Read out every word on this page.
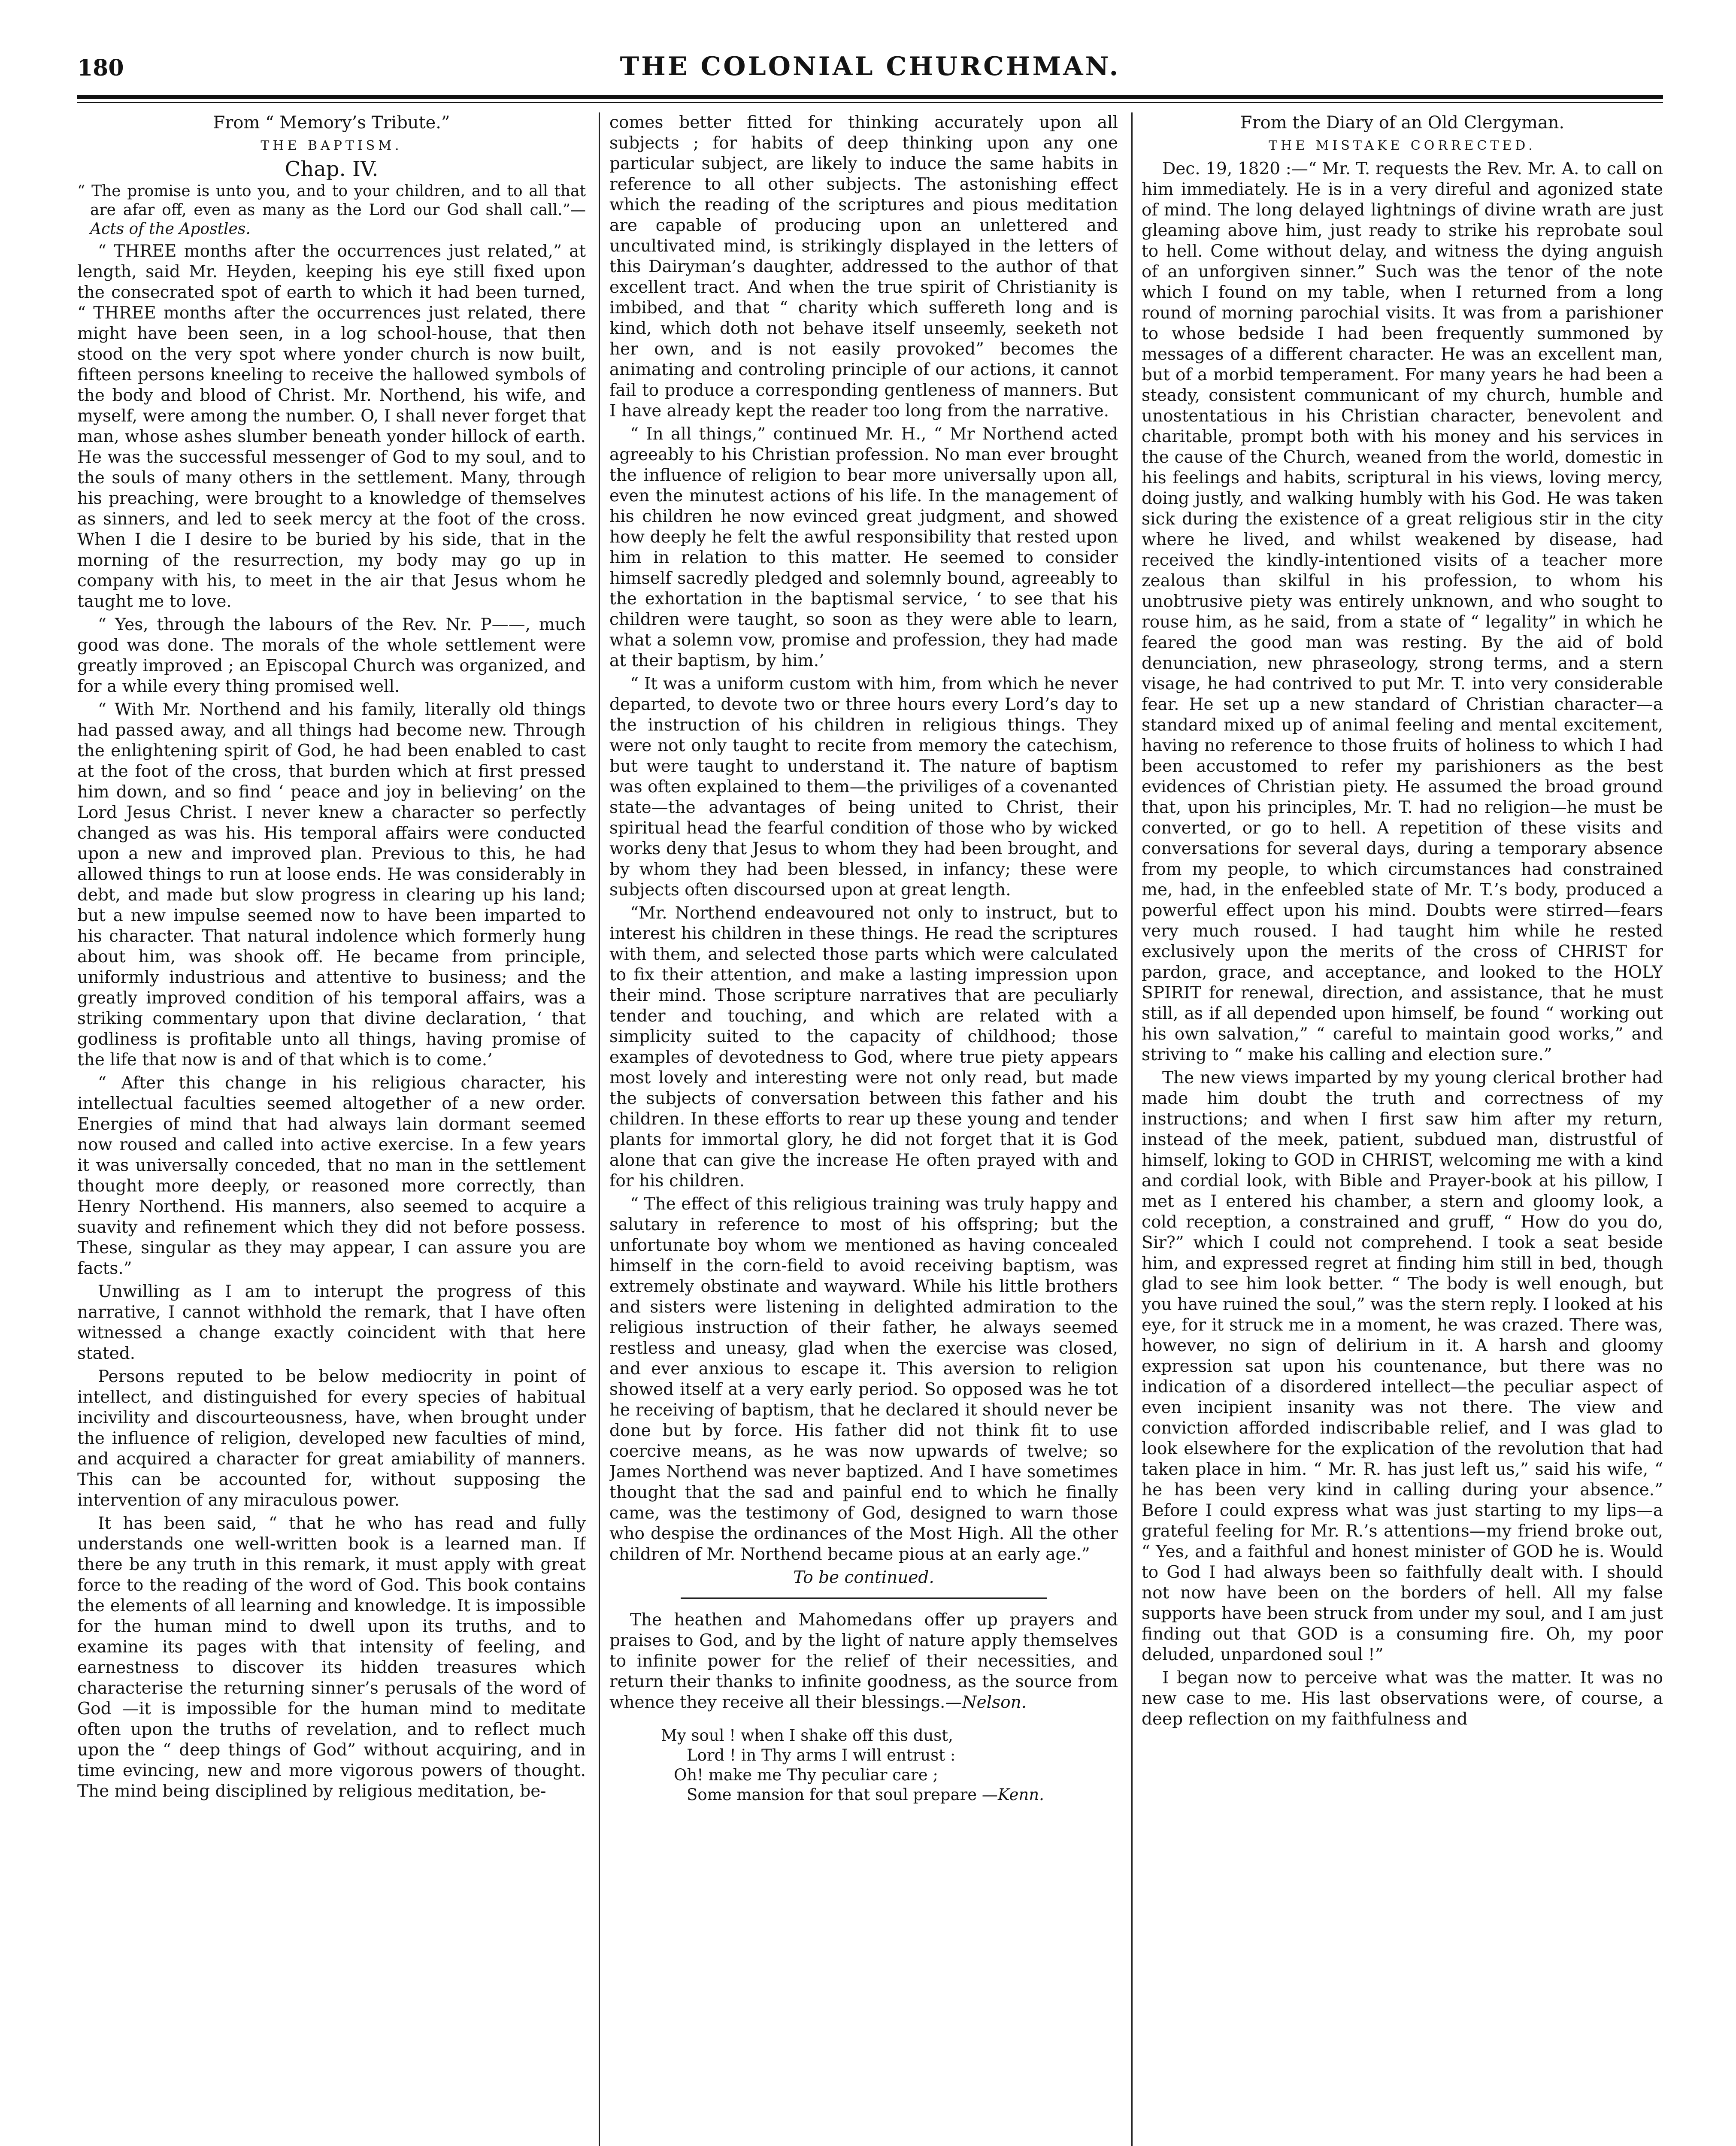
180	THE COLONIAL CHURCHMAN.

From “ Memory’s Tribute.”

THE BAPTISM.

Chap. IV.

“ The promise is unto you, and to your children, and to all that are afar off, even as many as the Lord our God shall call.”—Acts of the Apostles.

“ THREE months after the occurrences just related,” at length, said Mr. Heyden, keeping his eye still fixed upon the consecrated spot of earth to which it had been turned, “ THREE months after the occurrences just related, there might have been seen, in a log school-house, that then stood on the very spot where yonder church is now built, fifteen persons kneeling to receive the hallowed symbols of the body and blood of Christ. Mr. Northend, his wife, and myself, were among the number. O, I shall never forget that man, whose ashes slumber beneath yonder hillock of earth. He was the successful messenger of God to my soul, and to the souls of many others in the settlement. Many, through his preaching, were brought to a knowledge of themselves as sinners, and led to seek mercy at the foot of the cross. When I die I desire to be buried by his side, that in the morning of the resurrection, my body may go up in company with his, to meet in the air that Jesus whom he taught me to love.

“ Yes, through the labours of the Rev. Nr. P——, much good was done. The morals of the whole settlement were greatly improved ; an Episcopal Church was organized, and for a while every thing promised well.

“ With Mr. Northend and his family, literally old things had passed away, and all things had become new. Through the enlightening spirit of God, he had been enabled to cast at the foot of the cross, that burden which at first pressed him down, and so find ‘ peace and joy in believing’ on the Lord Jesus Christ. I never knew a character so perfectly changed as was his. His temporal affairs were conducted upon a new and improved plan. Previous to this, he had allowed things to run at loose ends. He was considerably in debt, and made but slow progress in clearing up his land; but a new impulse seemed now to have been imparted to his character. That natural indolence which formerly hung about him, was shook off. He became from principle, uniformly industrious and attentive to business; and the greatly improved condition of his temporal affairs, was a striking commentary upon that divine declaration, ‘ that godliness is profitable unto all things, having promise of the life that now is and of that which is to come.’

“ After this change in his religious character, his intellectual faculties seemed altogether of a new order. Energies of mind that had always lain dormant seemed now roused and called into active exercise. In a few years it was universally conceded, that no man in the settlement thought more deeply, or reasoned more correctly, than Henry Northend. His manners, also seemed to acquire a suavity and refinement which they did not before possess. These, singular as they may appear, I can assure you are facts.”

Unwilling as I am to interupt the progress of this narrative, I cannot withhold the remark, that I have often witnessed a change exactly coincident with that here stated.

Persons reputed to be below mediocrity in point of intellect, and distinguished for every species of habitual incivility and discourteousness, have, when brought under the influence of religion, developed new faculties of mind, and acquired a character for great amiability of manners. This can be accounted for, without supposing the intervention of any miraculous power.

It has been said, “ that he who has read and fully understands one well-written book is a learned man. If there be any truth in this remark, it must apply with great force to the reading of the word of God. This book contains the elements of all learning and knowledge. It is impossible for the human mind to dwell upon its truths, and to examine its pages with that intensity of feeling, and earnestness to discover its hidden treasures which characterise the returning sinner’s perusals of the word of God —it is impossible for the human mind to meditate often upon the truths of revelation, and to reflect much upon the “ deep things of God” without acquiring, and in time evincing, new and more vigorous powers of thought. The mind being disciplined by religious meditation, be-

comes better fitted for thinking accurately upon all subjects ; for habits of deep thinking upon any one particular subject, are likely to induce the same habits in reference to all other subjects. The astonishing effect which the reading of the scriptures and pious meditation are capable of producing upon an unlettered and uncultivated mind, is strikingly displayed in the letters of this Dairyman’s daughter, addressed to the author of that excellent tract. And when the true spirit of Christianity is imbibed, and that “ charity which suffereth long and is kind, which doth not behave itself unseemly, seeketh not her own, and is not easily provoked” becomes the animating and controling principle of our actions, it cannot fail to produce a corresponding gentleness of manners. But I have already kept the reader too long from the narrative.

“ In all things,” continued Mr. H., “ Mr Northend acted agreeably to his Christian profession. No man ever brought the influence of religion to bear more universally upon all, even the minutest actions of his life. In the management of his children he now evinced great judgment, and showed how deeply he felt the awful responsibility that rested upon him in relation to this matter. He seemed to consider himself sacredly pledged and solemnly bound, agreeably to the exhortation in the baptismal service, ‘ to see that his children were taught, so soon as they were able to learn, what a solemn vow, promise and profession, they had made at their baptism, by him.’

“ It was a uniform custom with him, from which he never departed, to devote two or three hours every Lord’s day to the instruction of his children in religious things. They were not only taught to recite from memory the catechism, but were taught to understand it. The nature of baptism was often explained to them—the priviliges of a covenanted state—the advantages of being united to Christ, their spiritual head the fearful condition of those who by wicked works deny that Jesus to whom they had been brought, and by whom they had been blessed, in infancy; these were subjects often discoursed upon at great length.

“Mr. Northend endeavoured not only to instruct, but to interest his children in these things. He read the scriptures with them, and selected those parts which were calculated to fix their attention, and make a lasting impression upon their mind. Those scripture narratives that are peculiarly tender and touching, and which are related with a simplicity suited to the capacity of childhood; those examples of devotedness to God, where true piety appears most lovely and interesting were not only read, but made the subjects of conversation between this father and his children. In these efforts to rear up these young and tender plants for immortal glory, he did not forget that it is God alone that can give the increase He often prayed with and for his children.

“ The effect of this religious training was truly happy and salutary in reference to most of his offspring; but the unfortunate boy whom we mentioned as having concealed himself in the corn-field to avoid receiving baptism, was extremely obstinate and wayward. While his little brothers and sisters were listening in delighted admiration to the religious instruction of their father, he always seemed restless and uneasy, glad when the exercise was closed, and ever anxious to escape it. This aversion to religion showed itself at a very early period. So opposed was he tot he receiving of baptism, that he declared it should never be done but by force. His father did not think fit to use coercive means, as he was now upwards of twelve; so James Northend was never baptized. And I have sometimes thought that the sad and painful end to which he finally came, was the testimony of God, designed to warn those who despise the ordinances of the Most High. All the other children of Mr. Northend became pious at an early age.”

To be continued.

The heathen and Mahomedans offer up prayers and praises to God, and by the light of nature apply themselves to infinite power for the relief of their necessities, and return their thanks to infinite goodness, as the source from whence they receive all their blessings.—Nelson.

My soul ! when I shake off this dust,
Lord ! in Thy arms I will entrust :
Oh! make me Thy peculiar care ;
Some mansion for that soul prepare —Kenn.

From the Diary of an Old Clergyman.

THE MISTAKE CORRECTED.

Dec. 19, 1820 :—“ Mr. T. requests the Rev. Mr. A. to call on him immediately. He is in a very direful and agonized state of mind. The long delayed lightnings of divine wrath are just gleaming above him, just ready to strike his reprobate soul to hell. Come without delay, and witness the dying anguish of an unforgiven sinner.” Such was the tenor of the note which I found on my table, when I returned from a long round of morning parochial visits. It was from a parishioner to whose bedside I had been frequently summoned by messages of a different character. He was an excellent man, but of a morbid temperament. For many years he had been a steady, consistent communicant of my church, humble and unostentatious in his Christian character, benevolent and charitable, prompt both with his money and his services in the cause of the Church, weaned from the world, domestic in his feelings and habits, scriptural in his views, loving mercy, doing justly, and walking humbly with his God. He was taken sick during the existence of a great religious stir in the city where he lived, and whilst weakened by disease, had received the kindly-intentioned visits of a teacher more zealous than skilful in his profession, to whom his unobtrusive piety was entirely unknown, and who sought to rouse him, as he said, from a state of “ legality” in which he feared the good man was resting. By the aid of bold denunciation, new phraseology, strong terms, and a stern visage, he had contrived to put Mr. T. into very considerable fear. He set up a new standard of Christian character—a standard mixed up of animal feeling and mental excitement, having no reference to those fruits of holiness to which I had been accustomed to refer my parishioners as the best evidences of Christian piety. He assumed the broad ground that, upon his principles, Mr. T. had no religion—he must be converted, or go to hell. A repetition of these visits and conversations for several days, during a temporary absence from my people, to which circumstances had constrained me, had, in the enfeebled state of Mr. T.’s body, produced a powerful effect upon his mind. Doubts were stirred—fears very much roused. I had taught him while he rested exclusively upon the merits of the cross of CHRIST for pardon, grace, and acceptance, and looked to the HOLY SPIRIT for renewal, direction, and assistance, that he must still, as if all depended upon himself, be found “ working out his own salvation,” “ careful to maintain good works,” and striving to “ make his calling and election sure.”

The new views imparted by my young clerical brother had made him doubt the truth and correctness of my instructions; and when I first saw him after my return, instead of the meek, patient, subdued man, distrustful of himself, loking to GOD in CHRIST, welcoming me with a kind and cordial look, with Bible and Prayer-book at his pillow, I met as I entered his chamber, a stern and gloomy look, a cold reception, a constrained and gruff, “ How do you do, Sir?” which I could not comprehend. I took a seat beside him, and expressed regret at finding him still in bed, though glad to see him look better. “ The body is well enough, but you have ruined the soul,” was the stern reply. I looked at his eye, for it struck me in a moment, he was crazed. There was, however, no sign of delirium in it. A harsh and gloomy expression sat upon his countenance, but there was no indication of a disordered intellect—the peculiar aspect of even incipient insanity was not there. The view and conviction afforded indiscribable relief, and I was glad to look elsewhere for the explication of the revolution that had taken place in him. “ Mr. R. has just left us,” said his wife, “ he has been very kind in calling during your absence.” Before I could express what was just starting to my lips—a grateful feeling for Mr. R.’s attentions—my friend broke out, “ Yes, and a faithful and honest minister of GOD he is. Would to God I had always been so faithfully dealt with. I should not now have been on the borders of hell. All my false supports have been struck from under my soul, and I am just finding out that GOD is a consuming fire. Oh, my poor deluded, unpardoned soul !”

I began now to perceive what was the matter. It was no new case to me. His last observations were, of course, a deep reflection on my faithfulness and
